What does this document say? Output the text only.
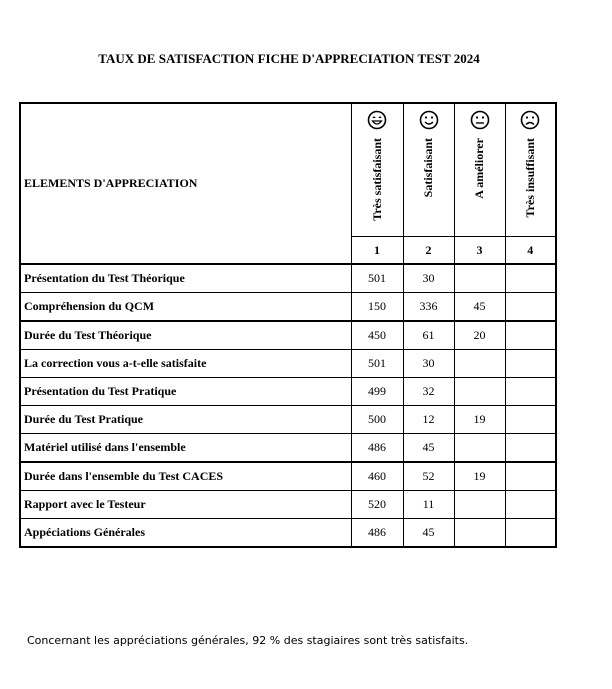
TAUX DE SATISFACTION FICHE D'APPRECIATION TEST 2024
ELEMENTS D'APPRECIATION	Très satisfaisant	Satisfaisant	A améliorer	Très insuffisant

	1	2	3	4
Présentation du Test Théorique	501	30		
Compréhension du QCM	150	336	45	
Durée du Test Théorique	450	61	20	
La correction vous a-t-elle satisfaite	501	30		
Présentation du Test Pratique	499	32		
Durée du Test Pratique	500	12	19	
Matériel utilisé dans l'ensemble	486	45		
Durée dans l'ensemble du Test CACES	460	52	19	
Rapport avec le Testeur	520	11		
Appéciations Générales	486	45		
Concernant les appréciations générales, 92 % des stagiaires sont très satisfaits.
